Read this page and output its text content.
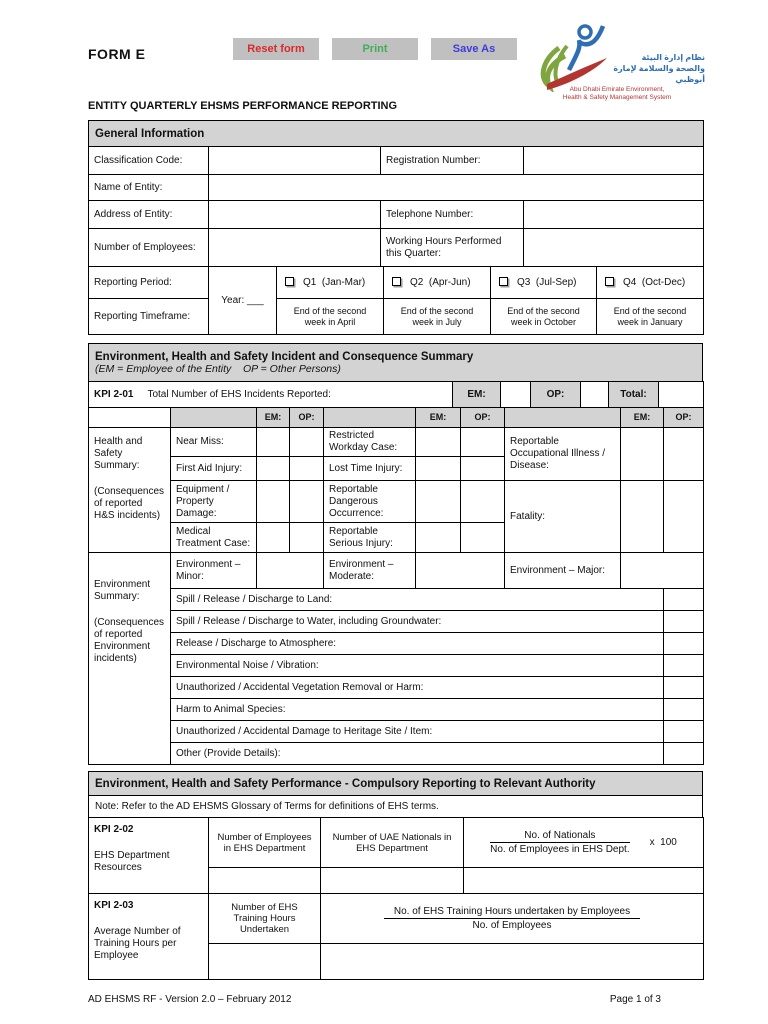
FORM E	Reset form	Print	Save As
نظام إدارة البيئة
والصحة والسلامة لإمارة أبوظبي
Abu Dhabi Emirate Environment,
Health & Safety Management System
ENTITY QUARTERLY EHSMS PERFORMANCE REPORTING
General Information			
Classification Code:		Registration Number:	
Name of Entity:			
Address of Entity:		Telephone Number:	
Number of Employees:		Working Hours Performed this Quarter:	
Reporting Period:	Year: ___	Q1  (Jan-Mar)	Q2  (Apr-Jun)	Q3  (Jul-Sep)	Q4  (Oct-Dec)
Reporting Timeframe:		End of the second week in April	End of the second week in July	End of the second week in October	End of the second week in January
Environment, Health and Safety Incident and Consequence Summary
(EM = Employee of the Entity    OP = Other Persons)
KPI 2-01 Total Number of EHS Incidents Reported:	EM:		OP:		Total:	
		EM:	OP:		EM:	OP:		EM:	OP:

Health and Safety Summary:
(Consequences of reported H&S incidents)	Near Miss:			Restricted Workday Case:			Reportable Occupational Illness / Disease:		
	First Aid Injury:			Lost Time Injury:					
	Equipment / Property Damage:			Reportable Dangerous Occurrence:			Fatality:		
	Medical Treatment Case:			Reportable Serious Injury:					

Environment Summary:
(Consequences of reported Environment incidents)	Environment – Minor:			Environment – Moderate:			Environment – Major:		
	Spill / Release / Discharge to Land:								
	Spill / Release / Discharge to Water, including Groundwater:								
	Release / Discharge to Atmosphere:								
	Environmental Noise / Vibration:								
	Unauthorized / Accidental Vegetation Removal or Harm:								
	Harm to Animal Species:								
	Unauthorized / Accidental Damage to Heritage Site / Item:								
	Other (Provide Details):								
Environment, Health and Safety Performance - Compulsory Reporting to Relevant Authority
Note: Refer to the AD EHSMS Glossary of Terms for definitions of EHS terms.
KPI 2-02
EHS Department Resources
	Number of Employees in EHS Department	Number of UAE Nationals in EHS Department	$\frac{\text{No. of Nationals}}{\text{No. of Employees in EHS Dept.}}$ x  100

KPI 2-03
Average Number of Training Hours per Employee
	Number of EHS Training Hours Undertaken	$\frac{\text{No. of EHS Training Hours undertaken by Employees}}{\text{No. of Employees}}$

AD EHSMS RF - Version 2.0 – February 2012	Page 1 of 3
